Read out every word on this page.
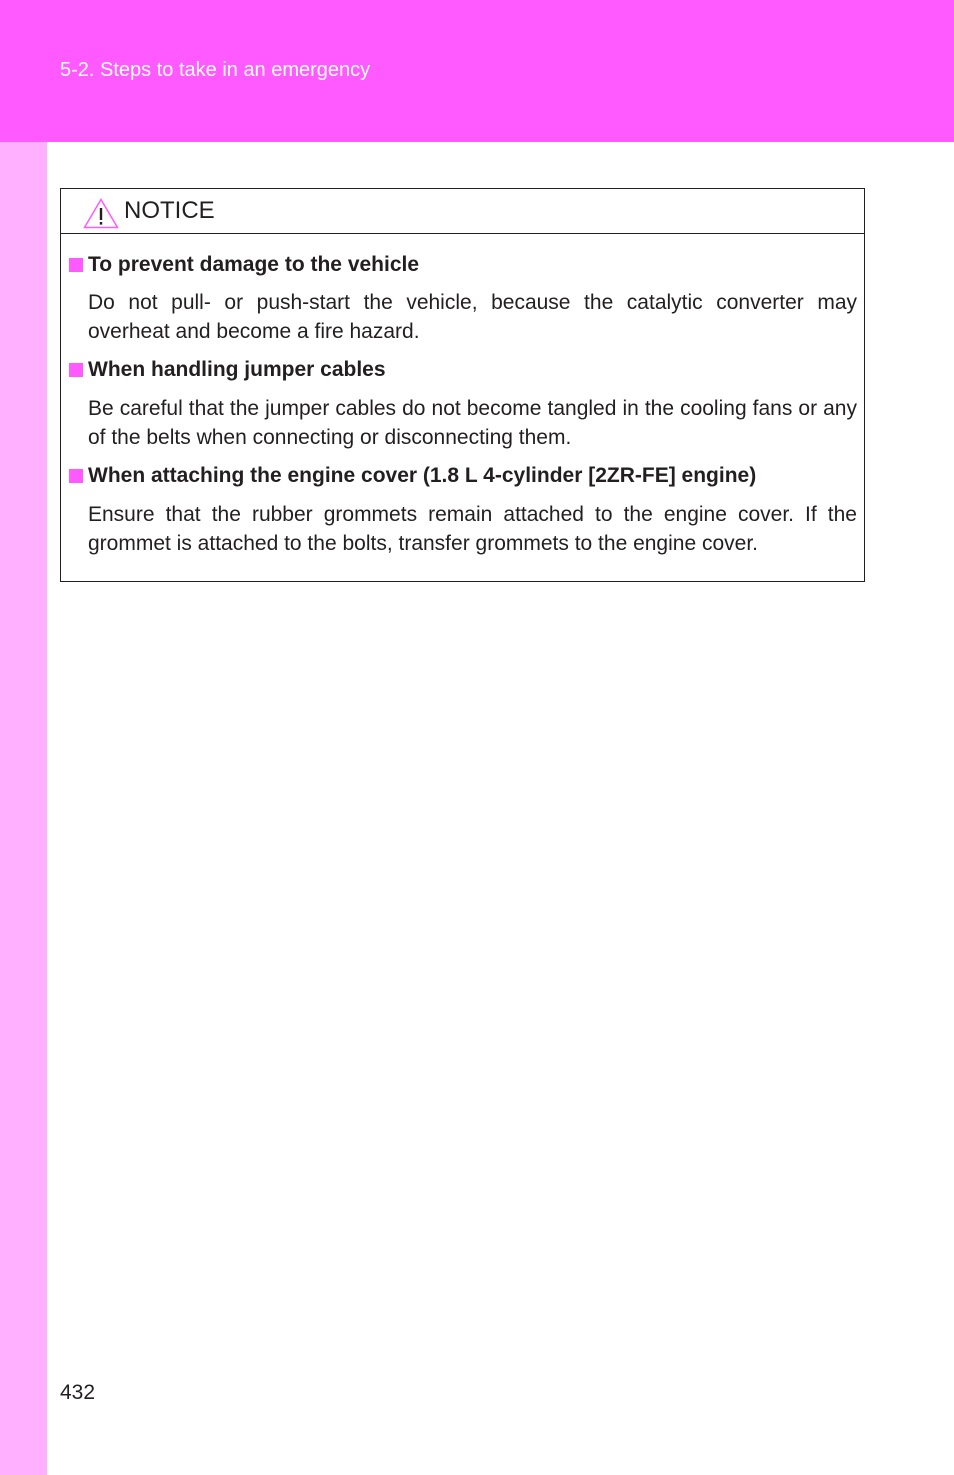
5-2. Steps to take in an emergency
NOTICE
To prevent damage to the vehicle
Do not pull- or push-start the vehicle, because the catalytic converter may overheat and become a fire hazard.
When handling jumper cables
Be careful that the jumper cables do not become tangled in the cooling fans or any of the belts when connecting or disconnecting them.
When attaching the engine cover (1.8 L 4-cylinder [2ZR-FE] engine)
Ensure that the rubber grommets remain attached to the engine cover. If the grommet is attached to the bolts, transfer grommets to the engine cover.
432
